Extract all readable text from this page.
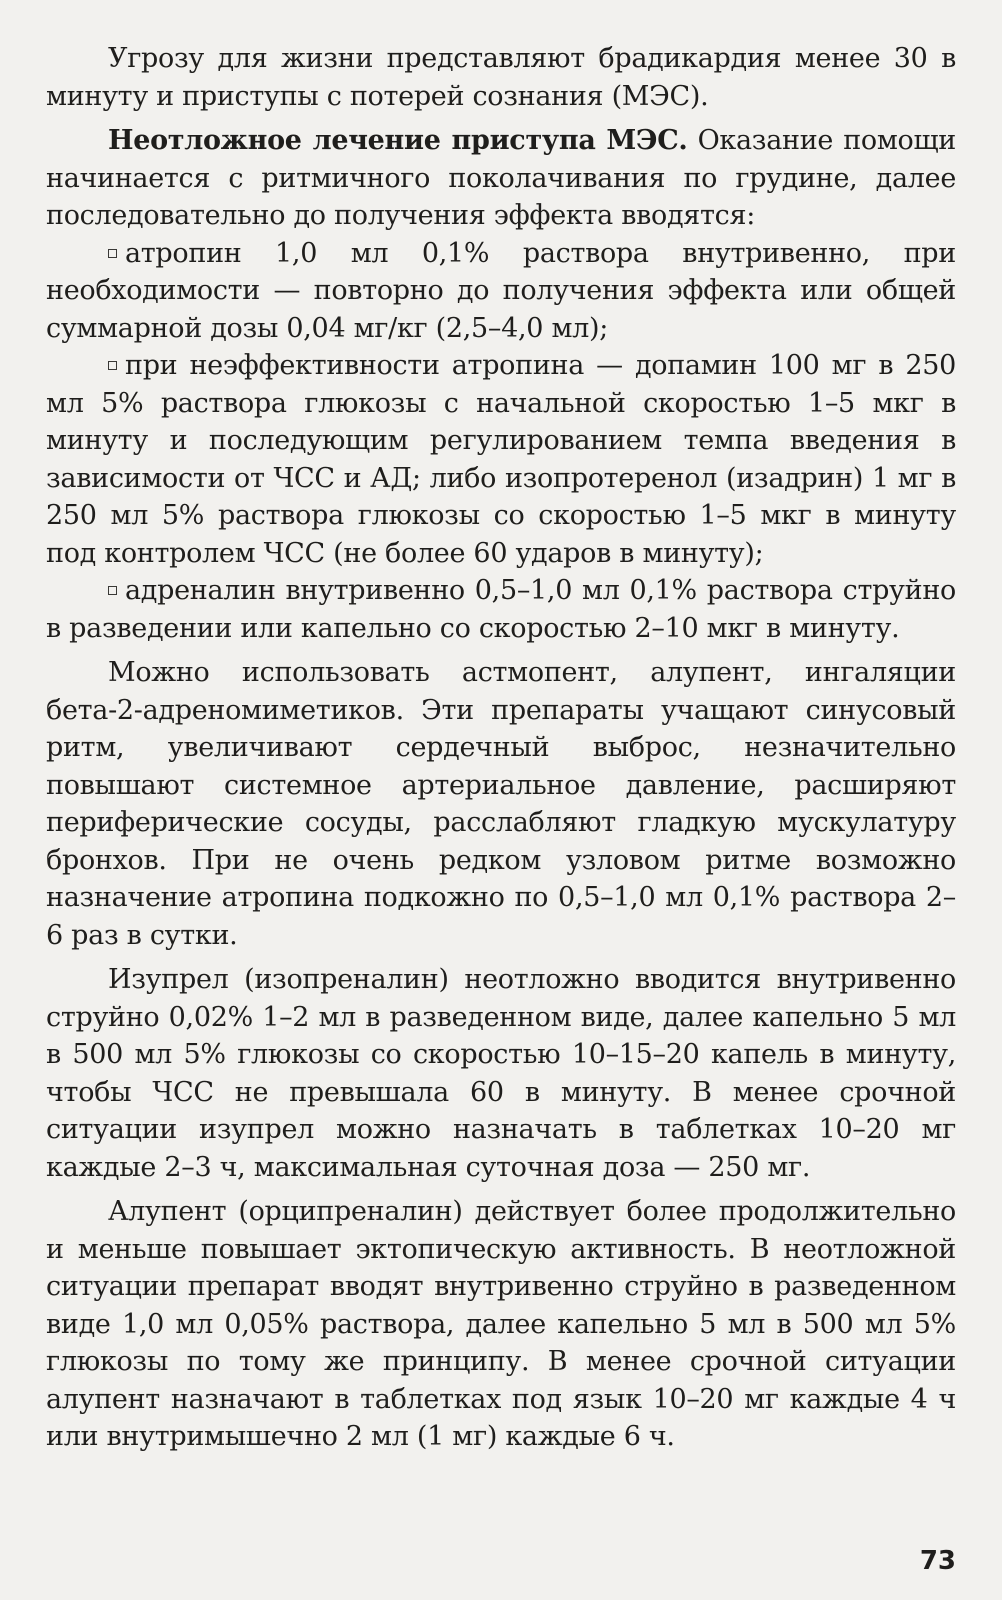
Угрозу для жизни представляют брадикардия менее 30 в минуту и приступы с потерей сознания (МЭС).

Неотложное лечение приступа МЭС. Оказание помощи начинается с ритмичного поколачивания по грудине, далее последовательно до получения эффекта вводятся:

атропин 1,0 мл 0,1% раствора внутривенно, при необходимости — повторно до получения эффекта или общей суммарной дозы 0,04 мг/кг (2,5–4,0 мл);

при неэффективности атропина — допамин 100 мг в 250 мл 5% раствора глюкозы с начальной скоростью 1–5 мкг в минуту и последующим регулированием темпа введения в зависимости от ЧСС и АД; либо изопротеренол (изадрин) 1 мг в 250 мл 5% раствора глюкозы со скоростью 1–5 мкг в минуту под контролем ЧСС (не более 60 ударов в минуту);

адреналин внутривенно 0,5–1,0 мл 0,1% раствора струйно в разведении или капельно со скоростью 2–10 мкг в минуту.

Можно использовать астмопент, алупент, ингаляции бета-2-адреномиметиков. Эти препараты учащают синусовый ритм, увеличивают сердечный выброс, незначительно повышают системное артериальное давление, расширяют периферические сосуды, расслабляют гладкую мускулатуру бронхов. При не очень редком узловом ритме возможно назначение атропина подкожно по 0,5–1,0 мл 0,1% раствора 2–6 раз в сутки.

Изупрел (изопреналин) неотложно вводится внутривенно струйно 0,02% 1–2 мл в разведенном виде, далее капельно 5 мл в 500 мл 5% глюкозы со скоростью 10–15–20 капель в минуту, чтобы ЧСС не превышала 60 в минуту. В менее срочной ситуации изупрел можно назначать в таблетках 10–20 мг каждые 2–3 ч, максимальная суточная доза — 250 мг.

Алупент (орципреналин) действует более продолжительно и меньше повышает эктопическую активность. В неотложной ситуации препарат вводят внутривенно струйно в разведенном виде 1,0 мл 0,05% раствора, далее капельно 5 мл в 500 мл 5% глюкозы по тому же принципу. В менее срочной ситуации алупент назначают в таблетках под язык 10–20 мг каждые 4 ч или внутримышечно 2 мл (1 мг) каждые 6 ч.

73
